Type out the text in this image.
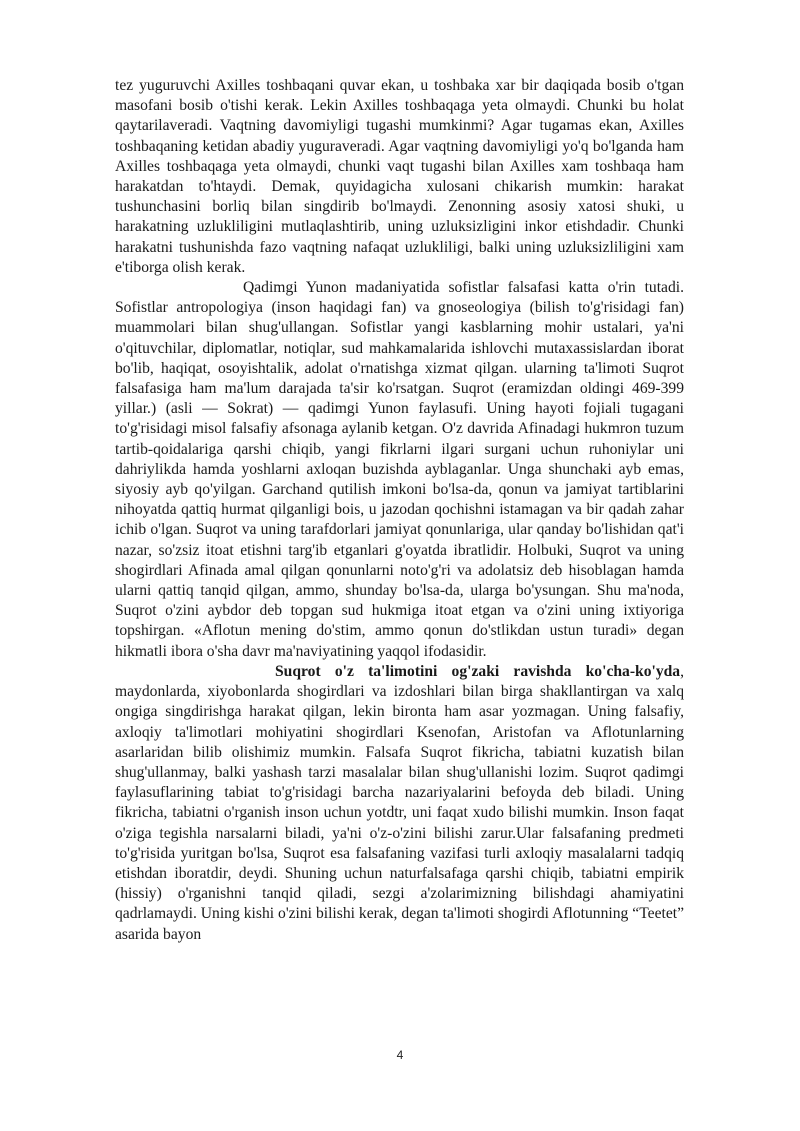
tez yuguruvchi Axilles toshbaqani quvar ekan, u toshbaka xar bir daqiqada bosib o'tgan masofani bosib o'tishi kerak. Lekin Axilles toshbaqaga yeta olmaydi. Chunki bu holat qaytarilaveradi. Vaqtning davomiyligi tugashi mumkinmi? Agar tugamas ekan, Axilles toshbaqaning ketidan abadiy yuguraveradi. Agar vaqtning davomiyligi yo'q bo'lganda ham Axilles toshbaqaga yeta olmaydi, chunki vaqt tugashi bilan Axilles xam toshbaqa ham harakatdan to'htaydi. Demak, quyidagicha xulosani chikarish mumkin: harakat tushunchasini borliq bilan singdirib bo'lmaydi. Zenonning asosiy xatosi shuki, u harakatning uzlukliligini mutlaqlashtirib, uning uzluksizligini inkor etishdadir. Chunki harakatni tushunishda fazo vaqtning nafaqat uzlukliligi, balki uning uzluksizliligini xam e'tiborga olish kerak.

Qadimgi Yunon madaniyatida sofistlar falsafasi katta o'rin tutadi. Sofistlar antropologiya (inson haqidagi fan) va gnoseologiya (bilish to'g'risidagi fan) muammolari bilan shug'ullangan. Sofistlar yangi kasblarning mohir ustalari, ya'ni o'qituvchilar, diplomatlar, notiqlar, sud mahkamalarida ishlovchi mutaxassislardan iborat bo'lib, haqiqat, osoyishtalik, adolat o'rnatishga xizmat qilgan. ularning ta'limoti Suqrot falsafasiga ham ma'lum darajada ta'sir ko'rsatgan. Suqrot (eramizdan oldingi 469-399 yillar.) (asli — Sokrat) — qadimgi Yunon faylasufi. Uning hayoti fojiali tugagani to'g'risidagi misol falsafiy afsonaga aylanib ketgan. O'z davrida Afinadagi hukmron tuzum tartib-qoidalariga qarshi chiqib, yangi fikrlarni ilgari surgani uchun ruhoniylar uni dahriylikda hamda yoshlarni axloqan buzishda ayblaganlar. Unga shunchaki ayb emas, siyosiy ayb qo'yilgan. Garchand qutilish imkoni bo'lsa-da, qonun va jamiyat tartiblarini nihoyatda qattiq hurmat qilganligi bois, u jazodan qochishni istamagan va bir qadah zahar ichib o'lgan. Suqrot va uning tarafdorlari jamiyat qonunlariga, ular qanday bo'lishidan qat'i nazar, so'zsiz itoat etishni targ'ib etganlari g'oyatda ibratlidir. Holbuki, Suqrot va uning shogirdlari Afinada amal qilgan qonunlarni noto'g'ri va adolatsiz deb hisoblagan hamda ularni qattiq tanqid qilgan, ammo, shunday bo'lsa-da, ularga bo'ysungan. Shu ma'noda, Suqrot o'zini aybdor deb topgan sud hukmiga itoat etgan va o'zini uning ixtiyoriga topshirgan. «Aflotun mening do'stim, ammo qonun do'stlikdan ustun turadi» degan hikmatli ibora o'sha davr ma'naviyatining yaqqol ifodasidir.

Suqrot o'z ta'limotini og'zaki ravishda ko'cha-ko'yda, maydonlarda, xiyobonlarda shogirdlari va izdoshlari bilan birga shakllantirgan va xalq ongiga singdirishga harakat qilgan, lekin bironta ham asar yozmagan. Uning falsafiy, axloqiy ta'limotlari mohiyatini shogirdlari Ksenofan, Aristofan va Aflotunlarning asarlaridan bilib olishimiz mumkin. Falsafa Suqrot fikricha, tabiatni kuzatish bilan shug'ullanmay, balki yashash tarzi masalalar bilan shug'ullanishi lozim. Suqrot qadimgi faylasuflarining tabiat to'g'risidagi barcha nazariyalarini befoyda deb biladi. Uning fikricha, tabiatni o'rganish inson uchun yotdtr, uni faqat xudo bilishi mumkin. Inson faqat o'ziga tegishla narsalarni biladi, ya'ni o'z-o'zini bilishi zarur.Ular falsafaning predmeti to'g'risida yuritgan bo'lsa, Suqrot esa falsafaning vazifasi turli axloqiy masalalarni tadqiq etishdan iboratdir, deydi. Shuning uchun naturfalsafaga qarshi chiqib, tabiatni empirik (hissiy) o'rganishni tanqid qiladi, sezgi a'zolarimizning bilishdagi ahamiyatini qadrlamaydi. Uning kishi o'zini bilishi kerak, degan ta'limoti shogirdi Aflotunning “Teetet” asarida bayon

4
